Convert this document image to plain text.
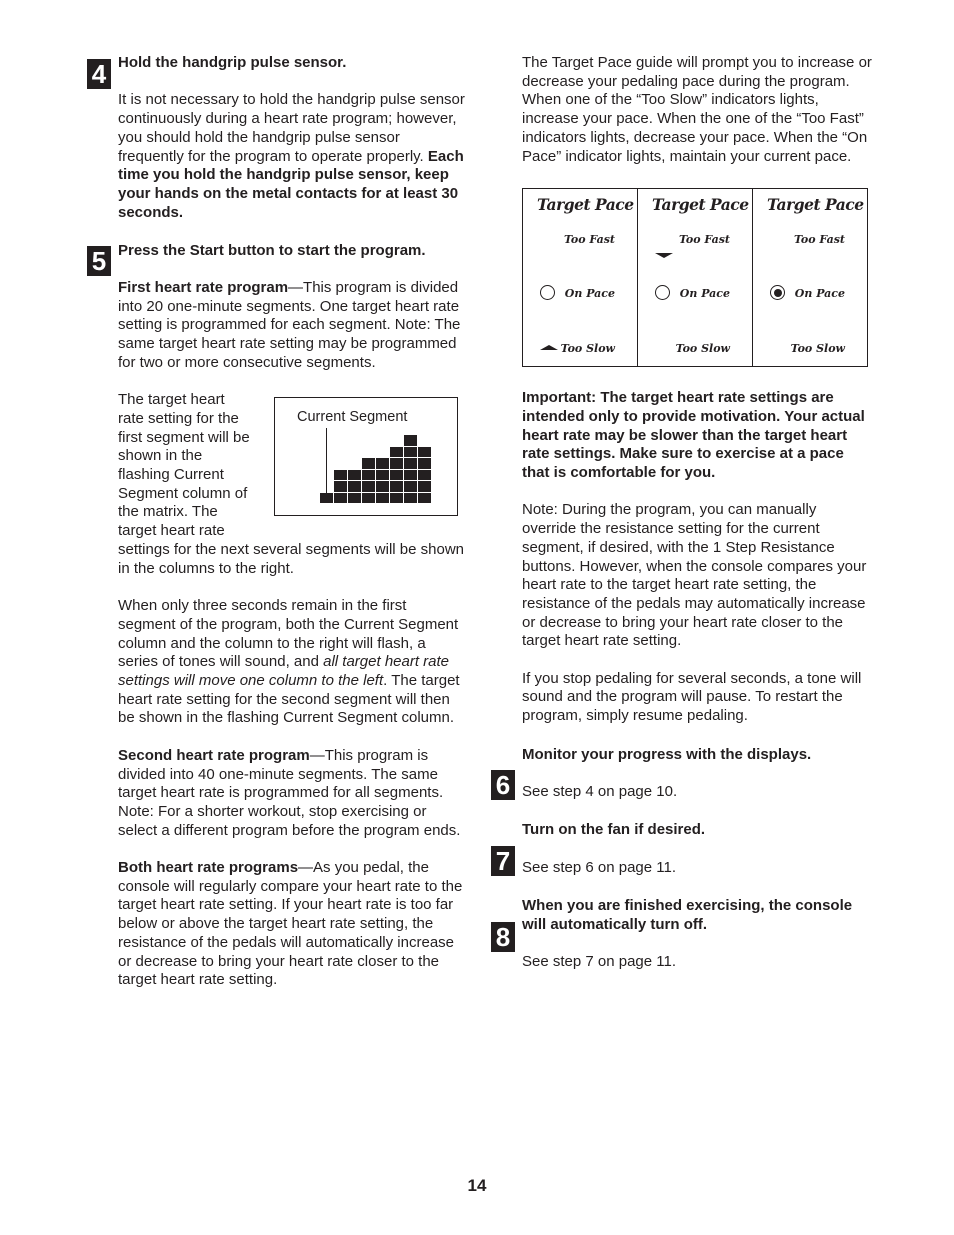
4
5
6
7
8

Hold the handgrip pulse sensor.

It is not necessary to hold the handgrip pulse sensor continuously during a heart rate program; however, you should hold the handgrip pulse sensor frequently for the program to operate properly. Each time you hold the handgrip pulse sensor, keep your hands on the metal contacts for at least 30 seconds.

Press the Start button to start the program.

First heart rate program—This program is divided into 20 one-minute segments. One target heart rate setting is programmed for each segment. Note: The same target heart rate setting may be programmed for two or more consecutive segments.

The target heart rate setting for the first segment will be shown in the flashing Current Segment column of the matrix. The target heart rate

Current Segment

settings for the next several segments will be shown in the columns to the right.

When only three seconds remain in the first segment of the program, both the Current Segment column and the column to the right will flash, a series of tones will sound, and all target heart rate settings will move one column to the left. The target heart rate setting for the second segment will then be shown in the flashing Current Segment column.

Second heart rate program—This program is divided into 40 one-minute segments. The same target heart rate is programmed for all segments. Note: For a shorter workout, stop exercising or select a different program before the program ends.

Both heart rate programs—As you pedal, the console will regularly compare your heart rate to the target heart rate setting. If your heart rate is too far below or above the target heart rate setting, the resistance of the pedals will automatically increase or decrease to bring your heart rate closer to the target heart rate setting.

The Target Pace guide will prompt you to increase or decrease your pedaling pace during the program. When one of the “Too Slow” indicators lights, increase your pace. When the one of the “Too Fast” indicators lights, decrease your pace. When the “On Pace” indicator lights, maintain your current pace.

Target Pace
Too Fast
On Pace
Too Slow
Target Pace
Too Fast
On Pace
Too Slow
Target Pace
Too Fast
On Pace
Too Slow

Important: The target heart rate settings are intended only to provide motivation. Your actual heart rate may be slower than the target heart rate settings. Make sure to exercise at a pace that is comfortable for you.

Note: During the program, you can manually override the resistance setting for the current segment, if desired, with the 1 Step Resistance buttons. However, when the console compares your heart rate to the target heart rate setting, the resistance of the pedals may automatically increase or decrease to bring your heart rate closer to the target heart rate setting.

If you stop pedaling for several seconds, a tone will sound and the program will pause. To restart the program, simply resume pedaling.

Monitor your progress with the displays.

See step 4 on page 10.

Turn on the fan if desired.

See step 6 on page 11.

When you are finished exercising, the console will automatically turn off.

See step 7 on page 11.

14
